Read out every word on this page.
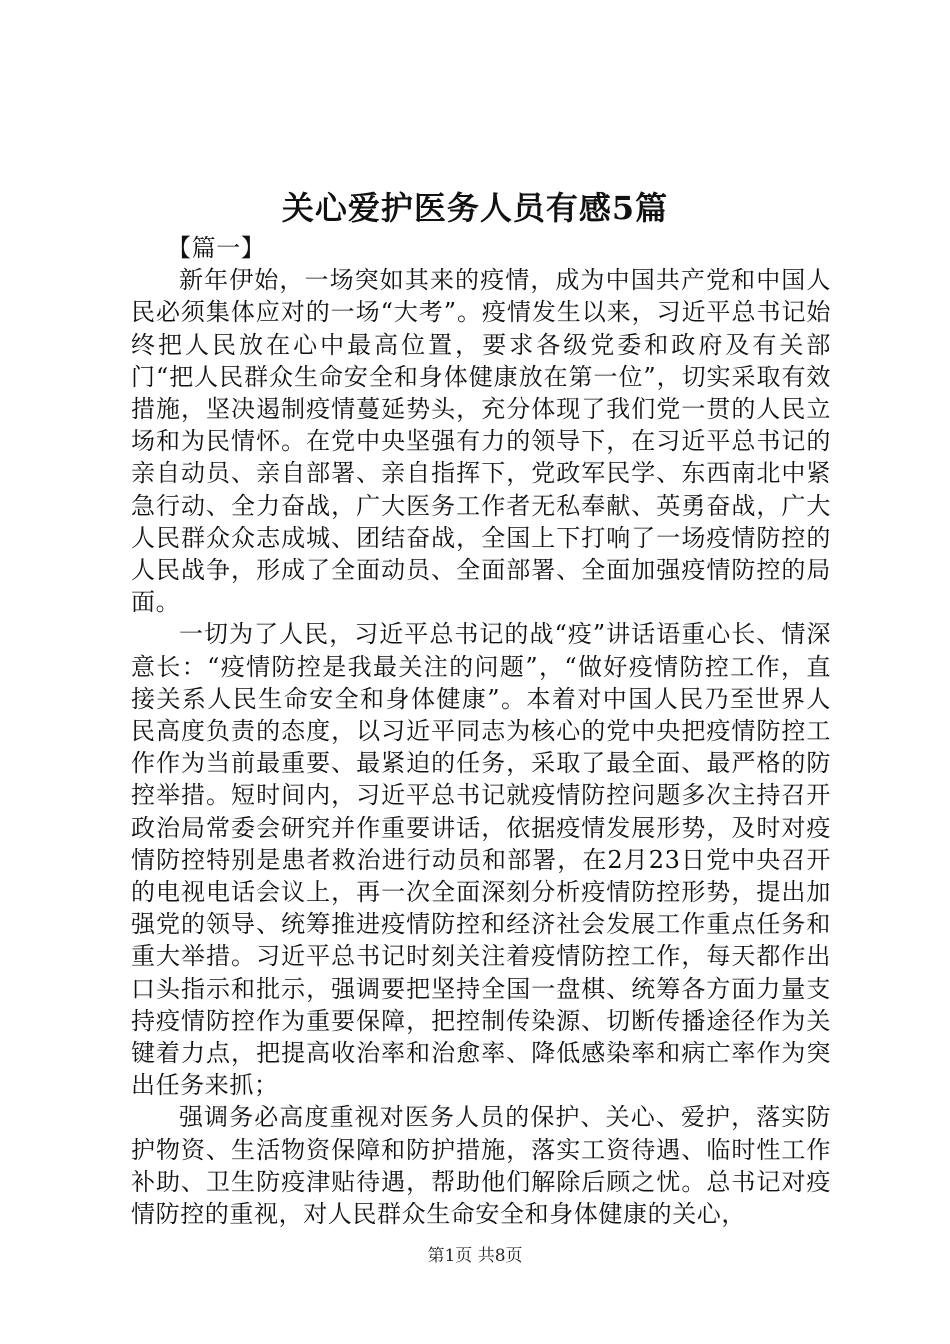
关心爱护医务人员有感5篇

【篇一】

新年伊始，一场突如其来的疫情，成为中国共产党和中国人民必须集体应对的一场“大考”。疫情发生以来，习近平总书记始终把人民放在心中最高位置，要求各级党委和政府及有关部门“把人民群众生命安全和身体健康放在第一位”，切实采取有效措施，坚决遏制疫情蔓延势头，充分体现了我们党一贯的人民立场和为民情怀。在党中央坚强有力的领导下，在习近平总书记的亲自动员、亲自部署、亲自指挥下，党政军民学、东西南北中紧急行动、全力奋战，广大医务工作者无私奉献、英勇奋战，广大人民群众众志成城、团结奋战，全国上下打响了一场疫情防控的人民战争，形成了全面动员、全面部署、全面加强疫情防控的局面。

一切为了人民，习近平总书记的战“疫”讲话语重心长、情深意长：“疫情防控是我最关注的问题”，“做好疫情防控工作，直接关系人民生命安全和身体健康”。本着对中国人民乃至世界人民高度负责的态度，以习近平同志为核心的党中央把疫情防控工作作为当前最重要、最紧迫的任务，采取了最全面、最严格的防控举措。短时间内，习近平总书记就疫情防控问题多次主持召开政治局常委会研究并作重要讲话，依据疫情发展形势，及时对疫情防控特别是患者救治进行动员和部署，在2月23日党中央召开的电视电话会议上，再一次全面深刻分析疫情防控形势，提出加强党的领导、统筹推进疫情防控和经济社会发展工作重点任务和重大举措。习近平总书记时刻关注着疫情防控工作，每天都作出口头指示和批示，强调要把坚持全国一盘棋、统筹各方面力量支持疫情防控作为重要保障，把控制传染源、切断传播途径作为关键着力点，把提高收治率和治愈率、降低感染率和病亡率作为突出任务来抓；

强调务必高度重视对医务人员的保护、关心、爱护，落实防护物资、生活物资保障和防护措施，落实工资待遇、临时性工作补助、卫生防疫津贴待遇，帮助他们解除后顾之忧。总书记对疫情防控的重视，对人民群众生命安全和身体健康的关心，

第1页 共8页
